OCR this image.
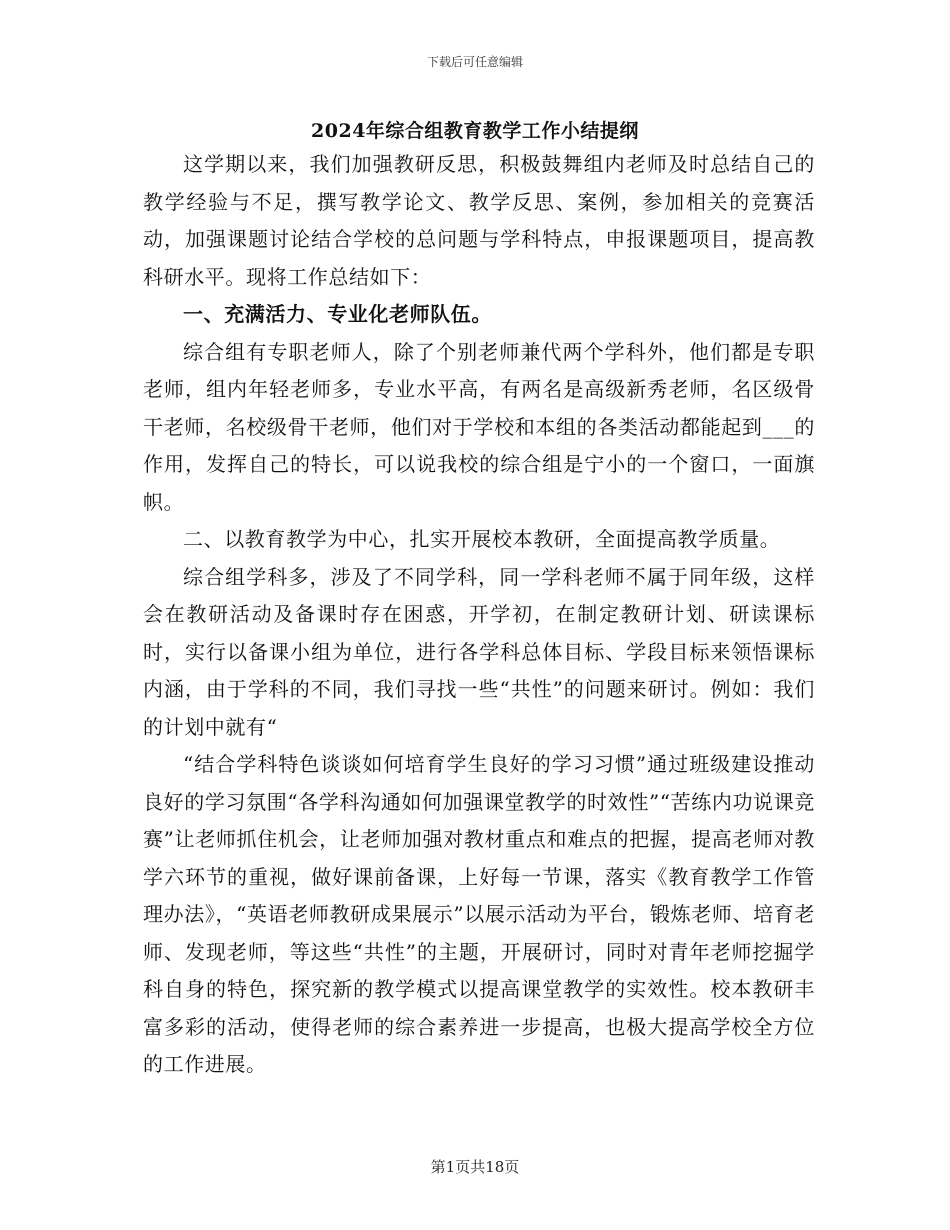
下载后可任意编辑
2024年综合组教育教学工作小结提纲

这学期以来，我们加强教研反思，积极鼓舞组内老师及时总结自己的教学经验与不足，撰写教学论文、教学反思、案例，参加相关的竞赛活动，加强课题讨论结合学校的总问题与学科特点，申报课题项目，提高教科研水平。现将工作总结如下：

一、充满活力、专业化老师队伍。

综合组有专职老师人，除了个别老师兼代两个学科外，他们都是专职老师，组内年轻老师多，专业水平高，有两名是高级新秀老师，名区级骨干老师，名校级骨干老师，他们对于学校和本组的各类活动都能起到___的作用，发挥自己的特长，可以说我校的综合组是宁小的一个窗口，一面旗帜。

二、以教育教学为中心，扎实开展校本教研，全面提高教学质量。

综合组学科多，涉及了不同学科，同一学科老师不属于同年级，这样会在教研活动及备课时存在困惑，开学初，在制定教研计划、研读课标时，实行以备课小组为单位，进行各学科总体目标、学段目标来领悟课标内涵，由于学科的不同，我们寻找一些“共性”的问题来研讨。例如：我们的计划中就有“

“结合学科特色谈谈如何培育学生良好的学习习惯”通过班级建设推动良好的学习氛围“各学科沟通如何加强课堂教学的时效性”“苦练内功说课竞赛”让老师抓住机会，让老师加强对教材重点和难点的把握，提高老师对教学六环节的重视，做好课前备课，上好每一节课，落实《教育教学工作管理办法》，“英语老师教研成果展示”以展示活动为平台，锻炼老师、培育老师、发现老师，等这些“共性”的主题，开展研讨，同时对青年老师挖掘学科自身的特色，探究新的教学模式以提高课堂教学的实效性。校本教研丰富多彩的活动，使得老师的综合素养进一步提高，也极大提高学校全方位的工作进展。

第1页共18页
